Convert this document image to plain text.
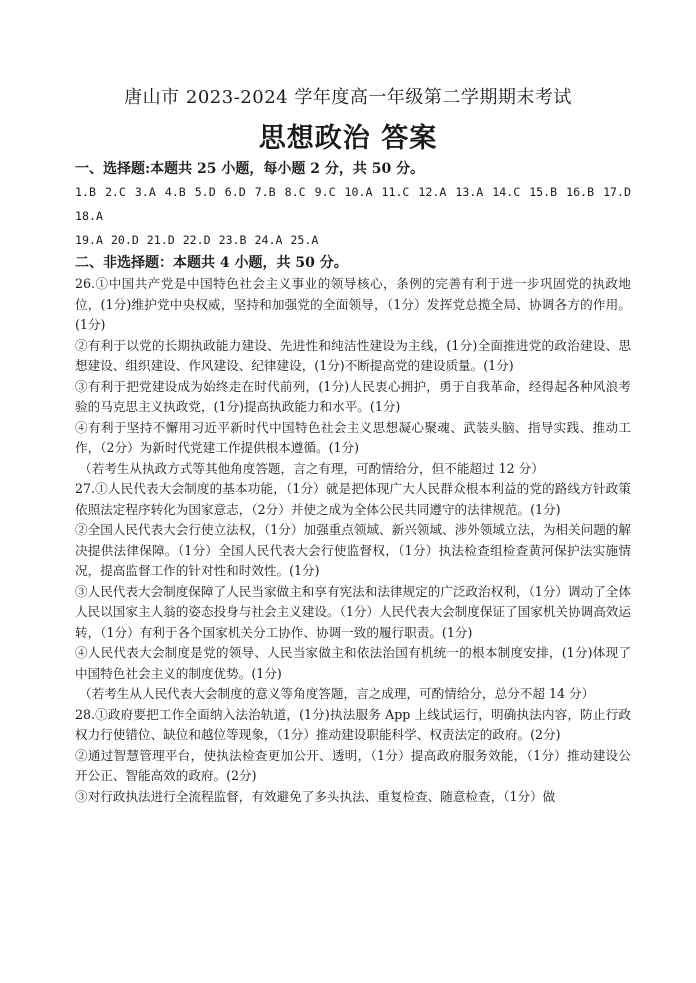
唐山市 2023-2024 学年度高一年级第二学期期末考试
思想政治 答案

一、选择题:本题共 25 小题，每小题 2 分，共 50 分。

1.B 2.C 3.A 4.B 5.D 6.D 7.B 8.C 9.C 10.A 11.C 12.A 13.A 14.C 15.B 16.B 17.D 18.A

19.A 20.D 21.D 22.D 23.B 24.A 25.A

二、非选择题：本题共 4 小题，共 50 分。

26.①中国共产党是中国特色社会主义事业的领导核心，条例的完善有利于进一步巩固党的执政地位，(1分)维护党中央权威，坚持和加强党的全面领导，（1分）发挥党总揽全局、协调各方的作用。(1分)

②有利于以党的长期执政能力建设、先进性和纯洁性建设为主线，(1分)全面推进党的政治建设、思想建设、组织建设、作风建设、纪律建设，(1分)不断提高党的建设质量。(1分)

③有利于把党建设成为始终走在时代前列，(1分)人民衷心拥护，勇于自我革命，经得起各种风浪考验的马克思主义执政党，(1分)提高执政能力和水平。(1分)

④有利于坚持不懈用习近平新时代中国特色社会主义思想凝心聚魂、武装头脑、指导实践、推动工作，（2分）为新时代党建工作提供根本遵循。(1分)

（若考生从执政方式等其他角度答题，言之有理，可酌情给分，但不能超过 12 分）

27.①人民代表大会制度的基本功能，（1分）就是把体现广大人民群众根本利益的党的路线方针政策依照法定程序转化为国家意志，（2分）并使之成为全体公民共同遵守的法律规范。(1分)

②全国人民代表大会行使立法权，（1分）加强重点领域、新兴领域、涉外领域立法，为相关问题的解决提供法律保障。（1分）全国人民代表大会行使监督权，（1分）执法检查组检查黄河保护法实施情况，提高监督工作的针对性和时效性。(1分)

③人民代表大会制度保障了人民当家做主和享有宪法和法律规定的广泛政治权利，（1分）调动了全体人民以国家主人翁的姿态投身与社会主义建设。（1分）人民代表大会制度保证了国家机关协调高效运转，（1分）有利于各个国家机关分工协作、协调一致的履行职责。(1分)

④人民代表大会制度是党的领导、人民当家做主和依法治国有机统一的根本制度安排，(1分)体现了中国特色社会主义的制度优势。(1分)

（若考生从人民代表大会制度的意义等角度答题，言之成理，可酌情给分，总分不超 14 分）

28.①政府要把工作全面纳入法治轨道，(1分)执法服务 App 上线试运行，明确执法内容，防止行政权力行使错位、缺位和越位等现象，（1分）推动建设职能科学、权责法定的政府。(2分)

②通过智慧管理平台，使执法检查更加公开、透明，（1分）提高政府服务效能，（1分）推动建设公开公正、智能高效的政府。(2分)

③对行政执法进行全流程监督，有效避免了多头执法、重复检查、随意检查，（1分）做
